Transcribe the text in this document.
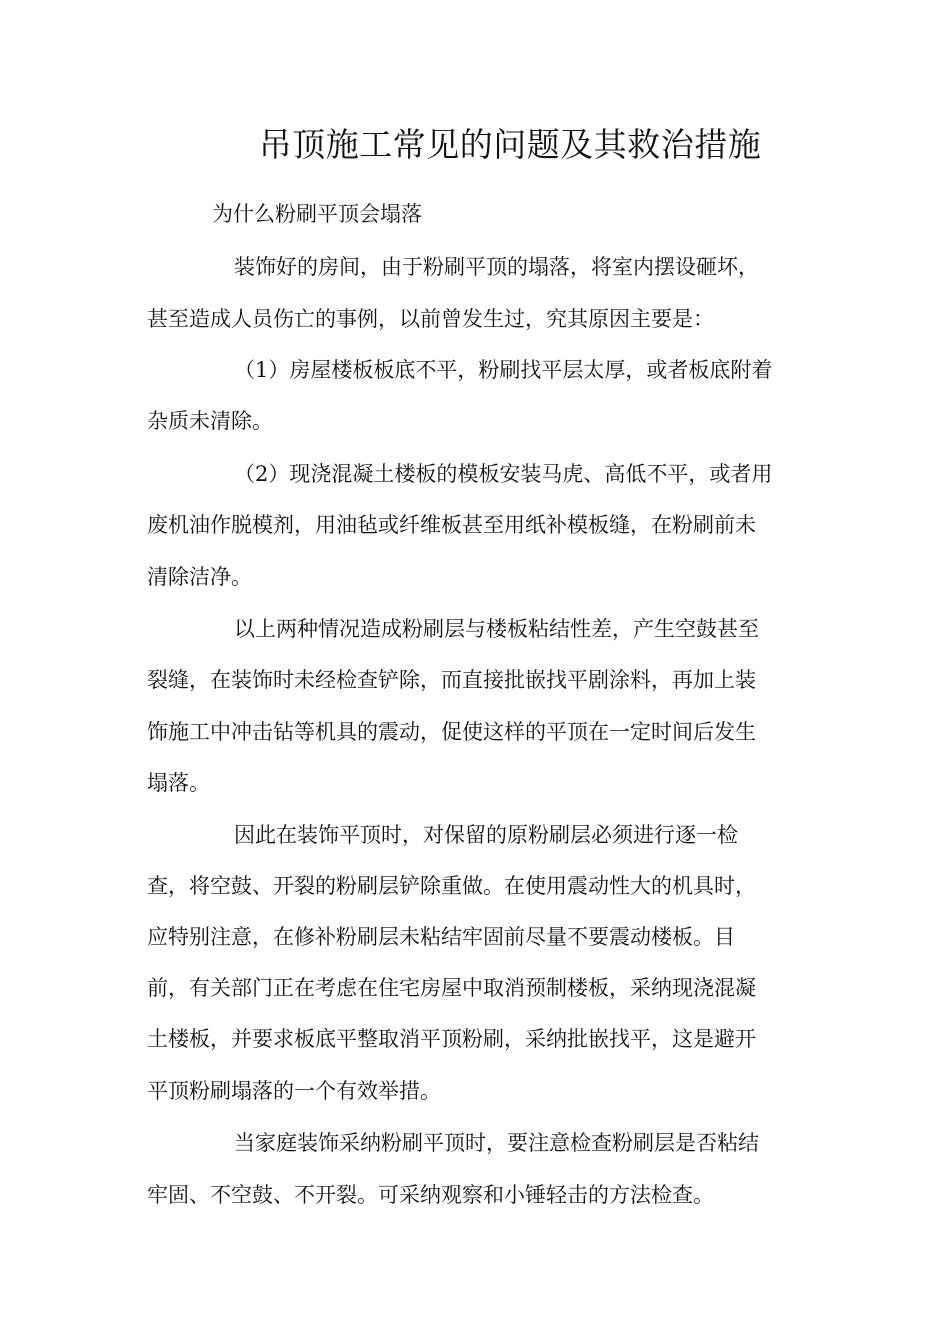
吊顶施工常见的问题及其救治措施
为什么粉刷平顶会塌落
装饰好的房间，由于粉刷平顶的塌落，将室内摆设砸坏，
甚至造成人员伤亡的事例，以前曾发生过，究其原因主要是：
（1）房屋楼板板底不平，粉刷找平层太厚，或者板底附着
杂质未清除。
（2）现浇混凝土楼板的模板安装马虎、高低不平，或者用
废机油作脱模剂，用油毡或纤维板甚至用纸补模板缝，在粉刷前未
清除洁净。
以上两种情况造成粉刷层与楼板粘结性差，产生空鼓甚至
裂缝，在装饰时未经检查铲除，而直接批嵌找平剧涂料，再加上装
饰施工中冲击钻等机具的震动，促使这样的平顶在一定时间后发生
塌落。
因此在装饰平顶时，对保留的原粉刷层必须进行逐一检
查，将空鼓、开裂的粉刷层铲除重做。在使用震动性大的机具时，
应特别注意，在修补粉刷层未粘结牢固前尽量不要震动楼板。目
前，有关部门正在考虑在住宅房屋中取消预制楼板，采纳现浇混凝
土楼板，并要求板底平整取消平顶粉刷，采纳批嵌找平，这是避开
平顶粉刷塌落的一个有效举措。
当家庭装饰采纳粉刷平顶时，要注意检查粉刷层是否粘结
牢固、不空鼓、不开裂。可采纳观察和小锤轻击的方法检查。
